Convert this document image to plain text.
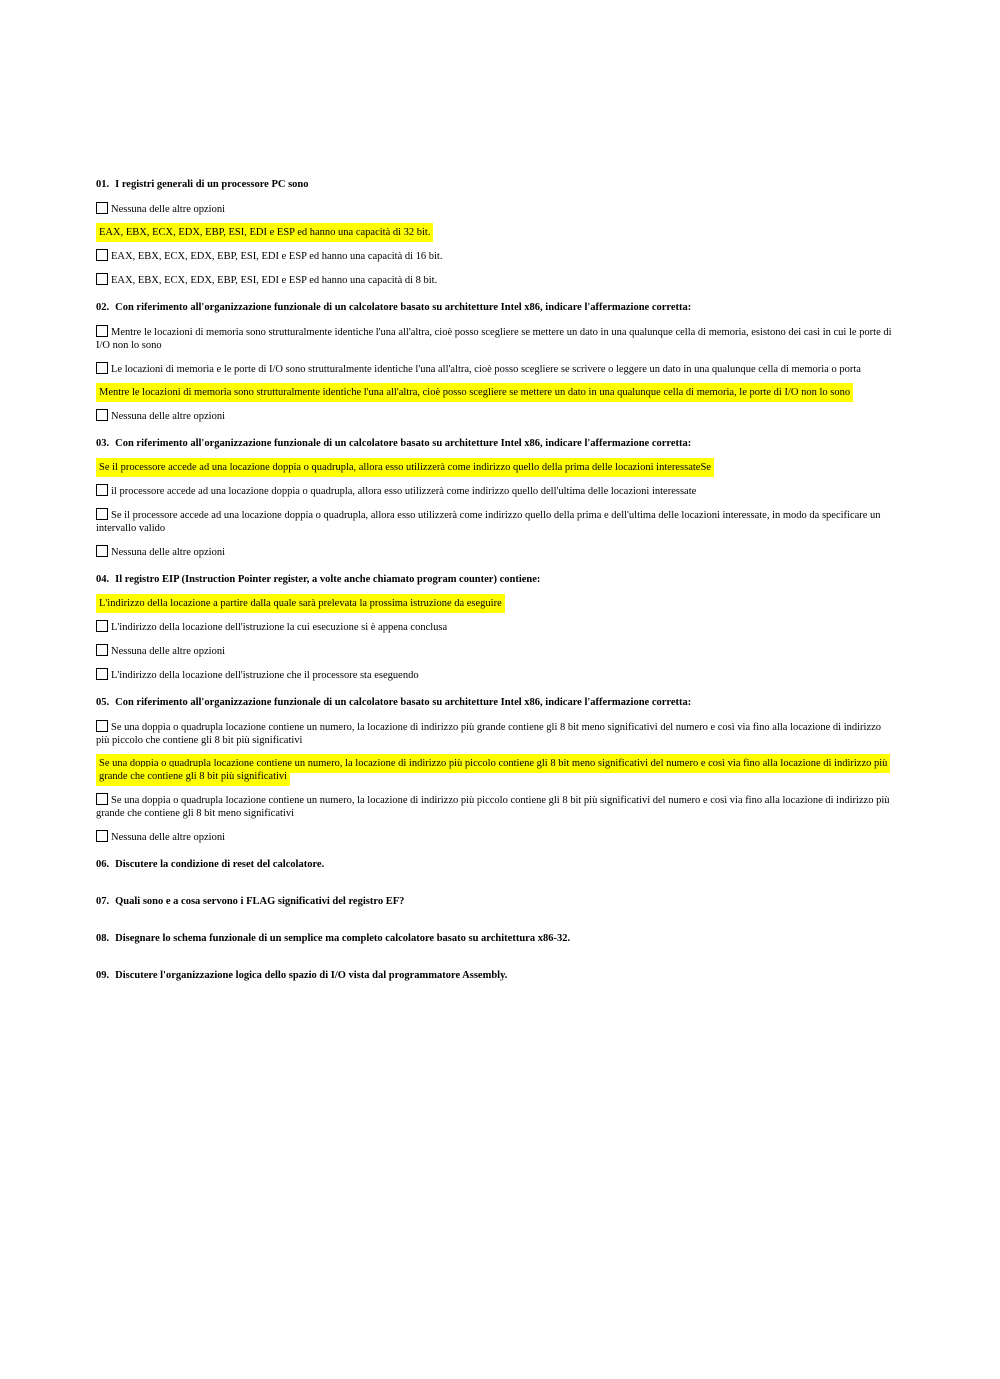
01. I registri generali di un processore PC sono
Nessuna delle altre opzioni
EAX, EBX, ECX, EDX, EBP, ESI, EDI e ESP ed hanno una capacità di 32 bit.
EAX, EBX, ECX, EDX, EBP, ESI, EDI e ESP ed hanno una capacità di 16 bit.
EAX, EBX, ECX, EDX, EBP, ESI, EDI e ESP ed hanno una capacità di 8 bit.
02. Con riferimento all'organizzazione funzionale di un calcolatore basato su architetture Intel x86, indicare l'affermazione corretta:
Mentre le locazioni di memoria sono strutturalmente identiche l'una all'altra, cioè posso scegliere se mettere un dato in una qualunque cella di memoria, esistono dei casi in cui le porte di I/O non lo sono
Le locazioni di memoria e le porte di I/O sono strutturalmente identiche l'una all'altra, cioè posso scegliere se scrivere o leggere un dato in una qualunque cella di memoria o porta
Mentre le locazioni di memoria sono strutturalmente identiche l'una all'altra, cioè posso scegliere se mettere un dato in una qualunque cella di memoria, le porte di I/O non lo sono
Nessuna delle altre opzioni
03. Con riferimento all'organizzazione funzionale di un calcolatore basato su architetture Intel x86, indicare l'affermazione corretta:
Se il processore accede ad una locazione doppia o quadrupla, allora esso utilizzerà come indirizzo quello della prima delle locazioni interessateSe
il processore accede ad una locazione doppia o quadrupla, allora esso utilizzerà come indirizzo quello dell'ultima delle locazioni interessate
Se il processore accede ad una locazione doppia o quadrupla, allora esso utilizzerà come indirizzo quello della prima e dell'ultima delle locazioni interessate, in modo da specificare un intervallo valido
Nessuna delle altre opzioni
04. Il registro EIP (Instruction Pointer register, a volte anche chiamato program counter) contiene:
L'indirizzo della locazione a partire dalla quale sarà prelevata la prossima istruzione da eseguire
L'indirizzo della locazione dell'istruzione la cui esecuzione si è appena conclusa
Nessuna delle altre opzioni
L'indirizzo della locazione dell'istruzione che il processore sta eseguendo
05. Con riferimento all'organizzazione funzionale di un calcolatore basato su architetture Intel x86, indicare l'affermazione corretta:
Se una doppia o quadrupla locazione contiene un numero, la locazione di indirizzo più grande contiene gli 8 bit meno significativi del numero e così via fino alla locazione di indirizzo più piccolo che contiene gli 8 bit più significativi
Se una doppia o quadrupla locazione contiene un numero, la locazione di indirizzo più piccolo contiene gli 8 bit meno significativi del numero e così via fino alla locazione di indirizzo più grande che contiene gli 8 bit più significativi
Se una doppia o quadrupla locazione contiene un numero, la locazione di indirizzo più piccolo contiene gli 8 bit più significativi del numero e così via fino alla locazione di indirizzo più grande che contiene gli 8 bit meno significativi
Nessuna delle altre opzioni
06. Discutere la condizione di reset del calcolatore.
07. Quali sono e a cosa servono i FLAG significativi del registro EF?
08. Disegnare lo schema funzionale di un semplice ma completo calcolatore basato su architettura x86-32.
09. Discutere l'organizzazione logica dello spazio di I/O vista dal programmatore Assembly.
